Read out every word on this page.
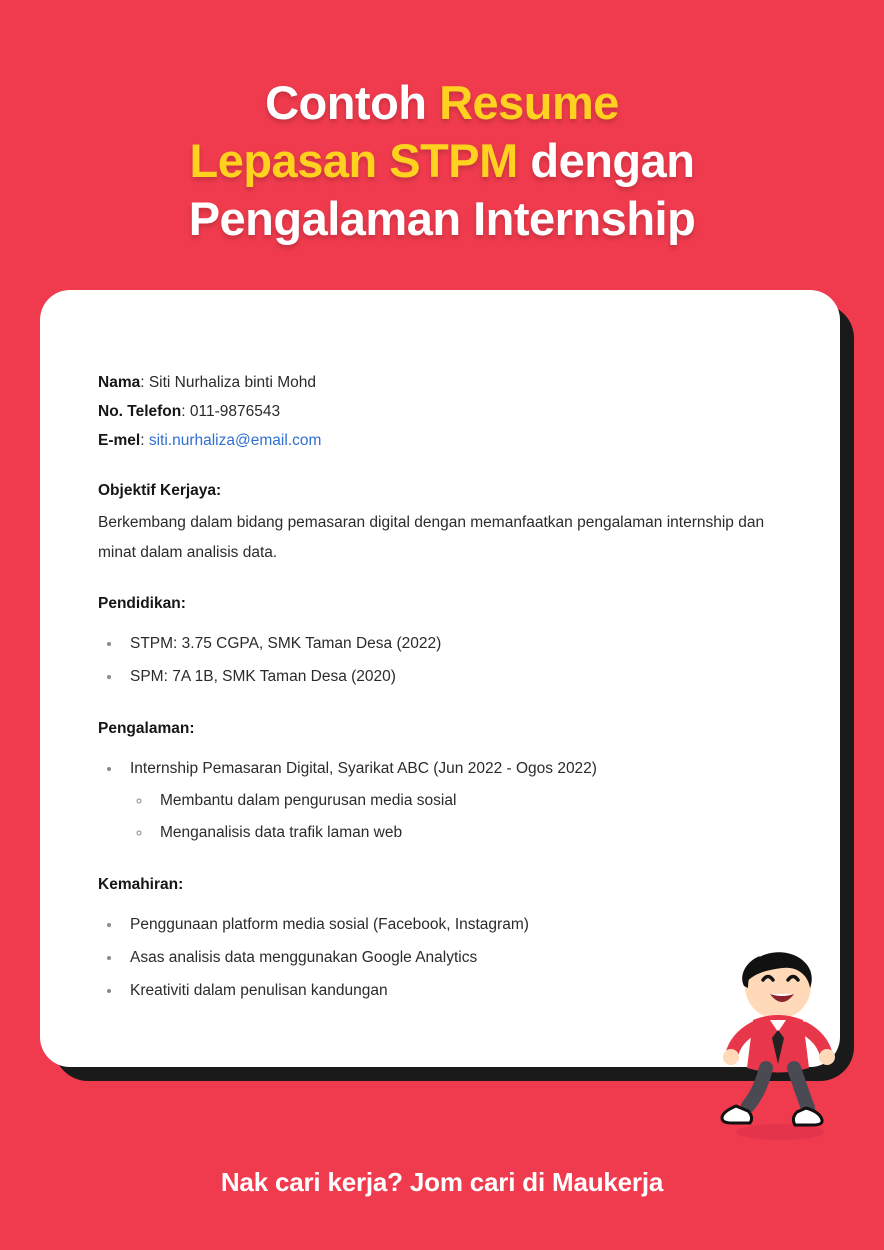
Contoh Resume
Lepasan STPM dengan
Pengalaman Internship
Nama: Siti Nurhaliza binti Mohd
No. Telefon: 011-9876543
E-mel: siti.nurhaliza@email.com
Objektif Kerjaya:
Berkembang dalam bidang pemasaran digital dengan memanfaatkan pengalaman internship dan minat dalam analisis data.
Pendidikan:
• STPM: 3.75 CGPA, SMK Taman Desa (2022)
• SPM: 7A 1B, SMK Taman Desa (2020)
Pengalaman:
• Internship Pemasaran Digital, Syarikat ABC (Jun 2022 - Ogos 2022)
◦ Membantu dalam pengurusan media sosial
◦ Menganalisis data trafik laman web
Kemahiran:
• Penggunaan platform media sosial (Facebook, Instagram)
• Asas analisis data menggunakan Google Analytics
• Kreativiti dalam penulisan kandungan
Nak cari kerja? Jom cari di Maukerja
